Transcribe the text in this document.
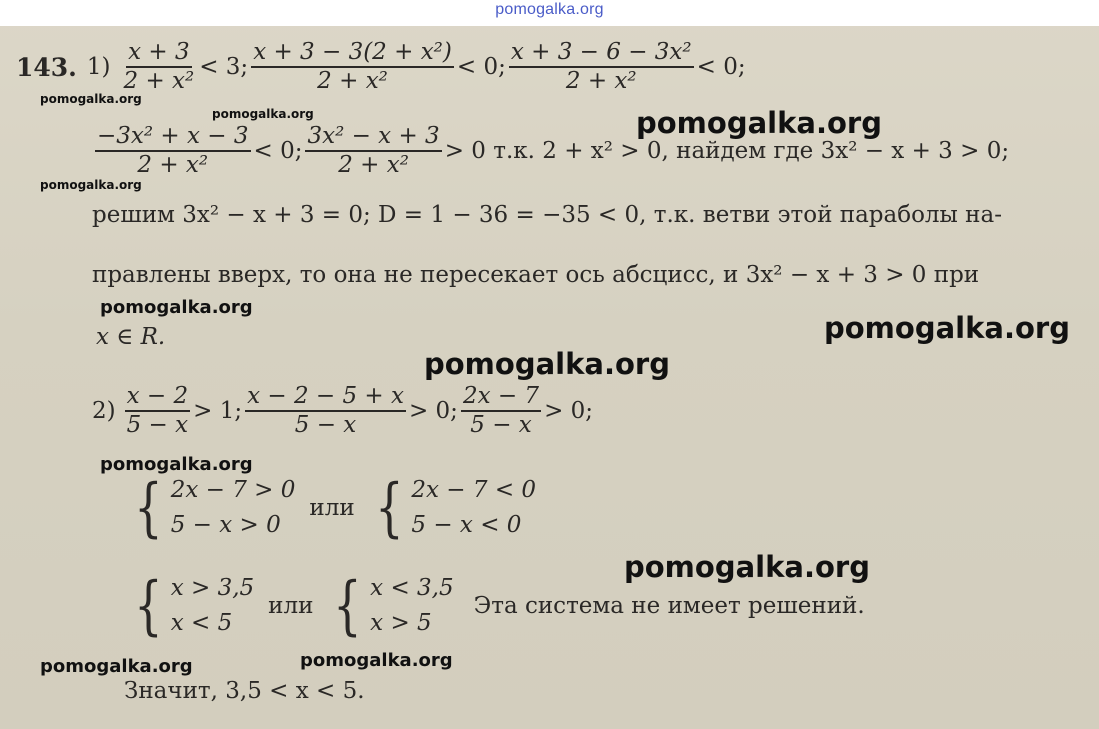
pomogalka.org
143. $1) \frac{x + 3}{\text{2 + x²}} < 3$; $\frac{\text{x + 3 − 3(2 + x²)}}{\text{2 + x²}} < 0$; $\frac{\text{x + 3 − 6 − 3x²}}{\text{2 + x²}} < 0$;
$\frac{\text{−3x² + x − 3}}{\text{2 + x²}} < 0$; $\frac{\text{3x² − x + 3}}{\text{2 + x²}} > 0$ т.к. 2 + x² > 0, найдем где 3x² − x + 3 > 0;
решим 3x² − x + 3 = 0; D = 1 − 36 = −35 < 0, т.к. ветви этой параболы на-
правлены вверх, то она не пересекает ось абсцисс, и 3x² − x + 3 > 0 при
x ∈ R.
$2) \frac{x - 2}{5 - x} > 1$; $\frac{x - 2 - 5 + x}{5 - x} > 0$; $\frac{2x - 7}{5 - x} > 0$;
{ 2x − 7 > 0
5 − x > 0
или { 2x − 7 < 0
5 − x < 0
{ x > 3,5
x < 5
или { x < 3,5
x > 5
Эта система не имеет решений.
Значит, 3,5 < x < 5.
pomogalka.org
pomogalka.org
pomogalka.org
pomogalka.org
pomogalka.org
pomogalka.org
pomogalka.org
pomogalka.org
pomogalka.org
pomogalka.org	pomogalka.org
